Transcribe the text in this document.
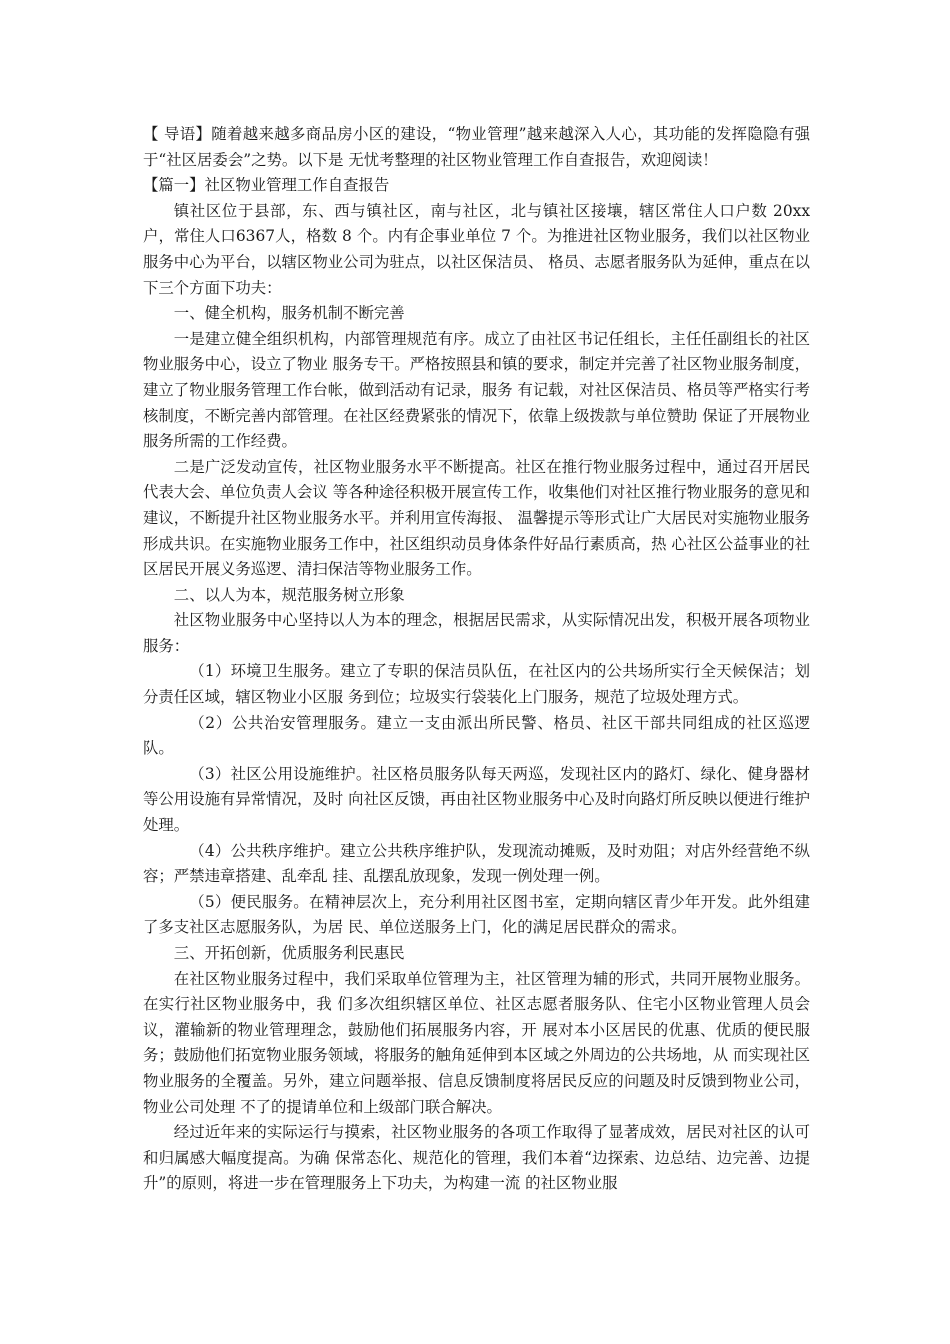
【 导语】随着越来越多商品房小区的建设，“物业管理”越来越深入人心，其功能的发挥隐隐有强于“社区居委会”之势。以下是 无忧考整理的社区物业管理工作自查报告，欢迎阅读！

【篇一】社区物业管理工作自查报告

镇社区位于县部，东、西与镇社区，南与社区，北与镇社区接壤，辖区常住人口户数 20xx 户，常住人口6367人，格数 8 个。内有企事业单位 7 个。为推进社区物业服务，我们以社区物业服务中心为平台，以辖区物业公司为驻点，以社区保洁员、 格员、志愿者服务队为延伸，重点在以下三个方面下功夫：

一、健全机构，服务机制不断完善

一是建立健全组织机构，内部管理规范有序。成立了由社区书记任组长，主任任副组长的社区物业服务中心，设立了物业 服务专干。严格按照县和镇的要求，制定并完善了社区物业服务制度，建立了物业服务管理工作台帐，做到活动有记录，服务 有记载，对社区保洁员、格员等严格实行考核制度，不断完善内部管理。在社区经费紧张的情况下，依靠上级拨款与单位赞助 保证了开展物业服务所需的工作经费。

二是广泛发动宣传，社区物业服务水平不断提高。社区在推行物业服务过程中，通过召开居民代表大会、单位负责人会议 等各种途径积极开展宣传工作，收集他们对社区推行物业服务的意见和建议，不断提升社区物业服务水平。并利用宣传海报、 温馨提示等形式让广大居民对实施物业服务形成共识。在实施物业服务工作中，社区组织动员身体条件好品行素质高，热 心社区公益事业的社区居民开展义务巡逻、清扫保洁等物业服务工作。

二、以人为本，规范服务树立形象

社区物业服务中心坚持以人为本的理念，根据居民需求，从实际情况出发，积极开展各项物业服务：

（1）环境卫生服务。建立了专职的保洁员队伍，在社区内的公共场所实行全天候保洁；划分责任区域，辖区物业小区服 务到位；垃圾实行袋装化上门服务，规范了垃圾处理方式。

（2）公共治安管理服务。建立一支由派出所民警、格员、社区干部共同组成的社区巡逻队。

（3）社区公用设施维护。社区格员服务队每天两巡，发现社区内的路灯、绿化、健身器材等公用设施有异常情况，及时 向社区反馈，再由社区物业服务中心及时向路灯所反映以便进行维护处理。

（4）公共秩序维护。建立公共秩序维护队，发现流动摊贩，及时劝阻；对店外经营绝不纵容；严禁违章搭建、乱牵乱 挂、乱摆乱放现象，发现一例处理一例。

（5）便民服务。在精神层次上，充分利用社区图书室，定期向辖区青少年开发。此外组建了多支社区志愿服务队，为居 民、单位送服务上门，化的满足居民群众的需求。

三、开拓创新，优质服务利民惠民

在社区物业服务过程中，我们采取单位管理为主，社区管理为辅的形式，共同开展物业服务。在实行社区物业服务中，我 们多次组织辖区单位、社区志愿者服务队、住宅小区物业管理人员会议，灌输新的物业管理理念，鼓励他们拓展服务内容，开 展对本小区居民的优惠、优质的便民服务；鼓励他们拓宽物业服务领域，将服务的触角延伸到本区域之外周边的公共场地，从 而实现社区物业服务的全覆盖。另外，建立问题举报、信息反馈制度将居民反应的问题及时反馈到物业公司，物业公司处理 不了的提请单位和上级部门联合解决。

经过近年来的实际运行与摸索，社区物业服务的各项工作取得了显著成效，居民对社区的认可和归属感大幅度提高。为确 保常态化、规范化的管理，我们本着“边探索、边总结、边完善、边提升”的原则，将进一步在管理服务上下功夫，为构建一流 的社区物业服
